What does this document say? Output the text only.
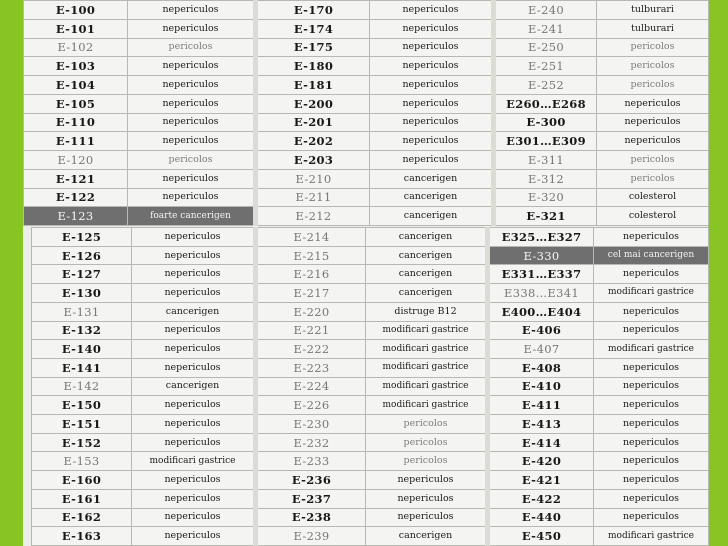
E-100	nepericulos	E-170	nepericulos	E-240	tulburari
E-101	nepericulos	E-174	nepericulos	E-241	tulburari
E-102	pericolos	E-175	nepericulos	E-250	pericolos
E-103	nepericulos	E-180	nepericulos	E-251	pericolos
E-104	nepericulos	E-181	nepericulos	E-252	pericolos
E-105	nepericulos	E-200	nepericulos	E260…E268	nepericulos
E-110	nepericulos	E-201	nepericulos	E-300	nepericulos
E-111	nepericulos	E-202	nepericulos	E301…E309	nepericulos
E-120	pericolos	E-203	nepericulos	E-311	pericolos
E-121	nepericulos	E-210	cancerigen	E-312	pericolos
E-122	nepericulos	E-211	cancerigen	E-320	colesterol
E-123	foarte cancerigen	E-212	cancerigen	E-321	colesterol
E-125	nepericulos	E-214	cancerigen	E325…E327	nepericulos
E-126	nepericulos	E-215	cancerigen	E-330	cel mai cancerigen
E-127	nepericulos	E-216	cancerigen	E331…E337	nepericulos
E-130	nepericulos	E-217	cancerigen	E338…E341	modificari gastrice
E-131	cancerigen	E-220	distruge B12	E400…E404	nepericulos
E-132	nepericulos	E-221	modificari gastrice	E-406	nepericulos
E-140	nepericulos	E-222	modificari gastrice	E-407	modificari gastrice
E-141	nepericulos	E-223	modificari gastrice	E-408	nepericulos
E-142	cancerigen	E-224	modificari gastrice	E-410	nepericulos
E-150	nepericulos	E-226	modificari gastrice	E-411	nepericulos
E-151	nepericulos	E-230	pericolos	E-413	nepericulos
E-152	nepericulos	E-232	pericolos	E-414	nepericulos
E-153	modificari gastrice	E-233	pericolos	E-420	nepericulos
E-160	nepericulos	E-236	nepericulos	E-421	nepericulos
E-161	nepericulos	E-237	nepericulos	E-422	nepericulos
E-162	nepericulos	E-238	nepericulos	E-440	nepericulos
E-163	nepericulos	E-239	cancerigen	E-450	modificari gastrice
